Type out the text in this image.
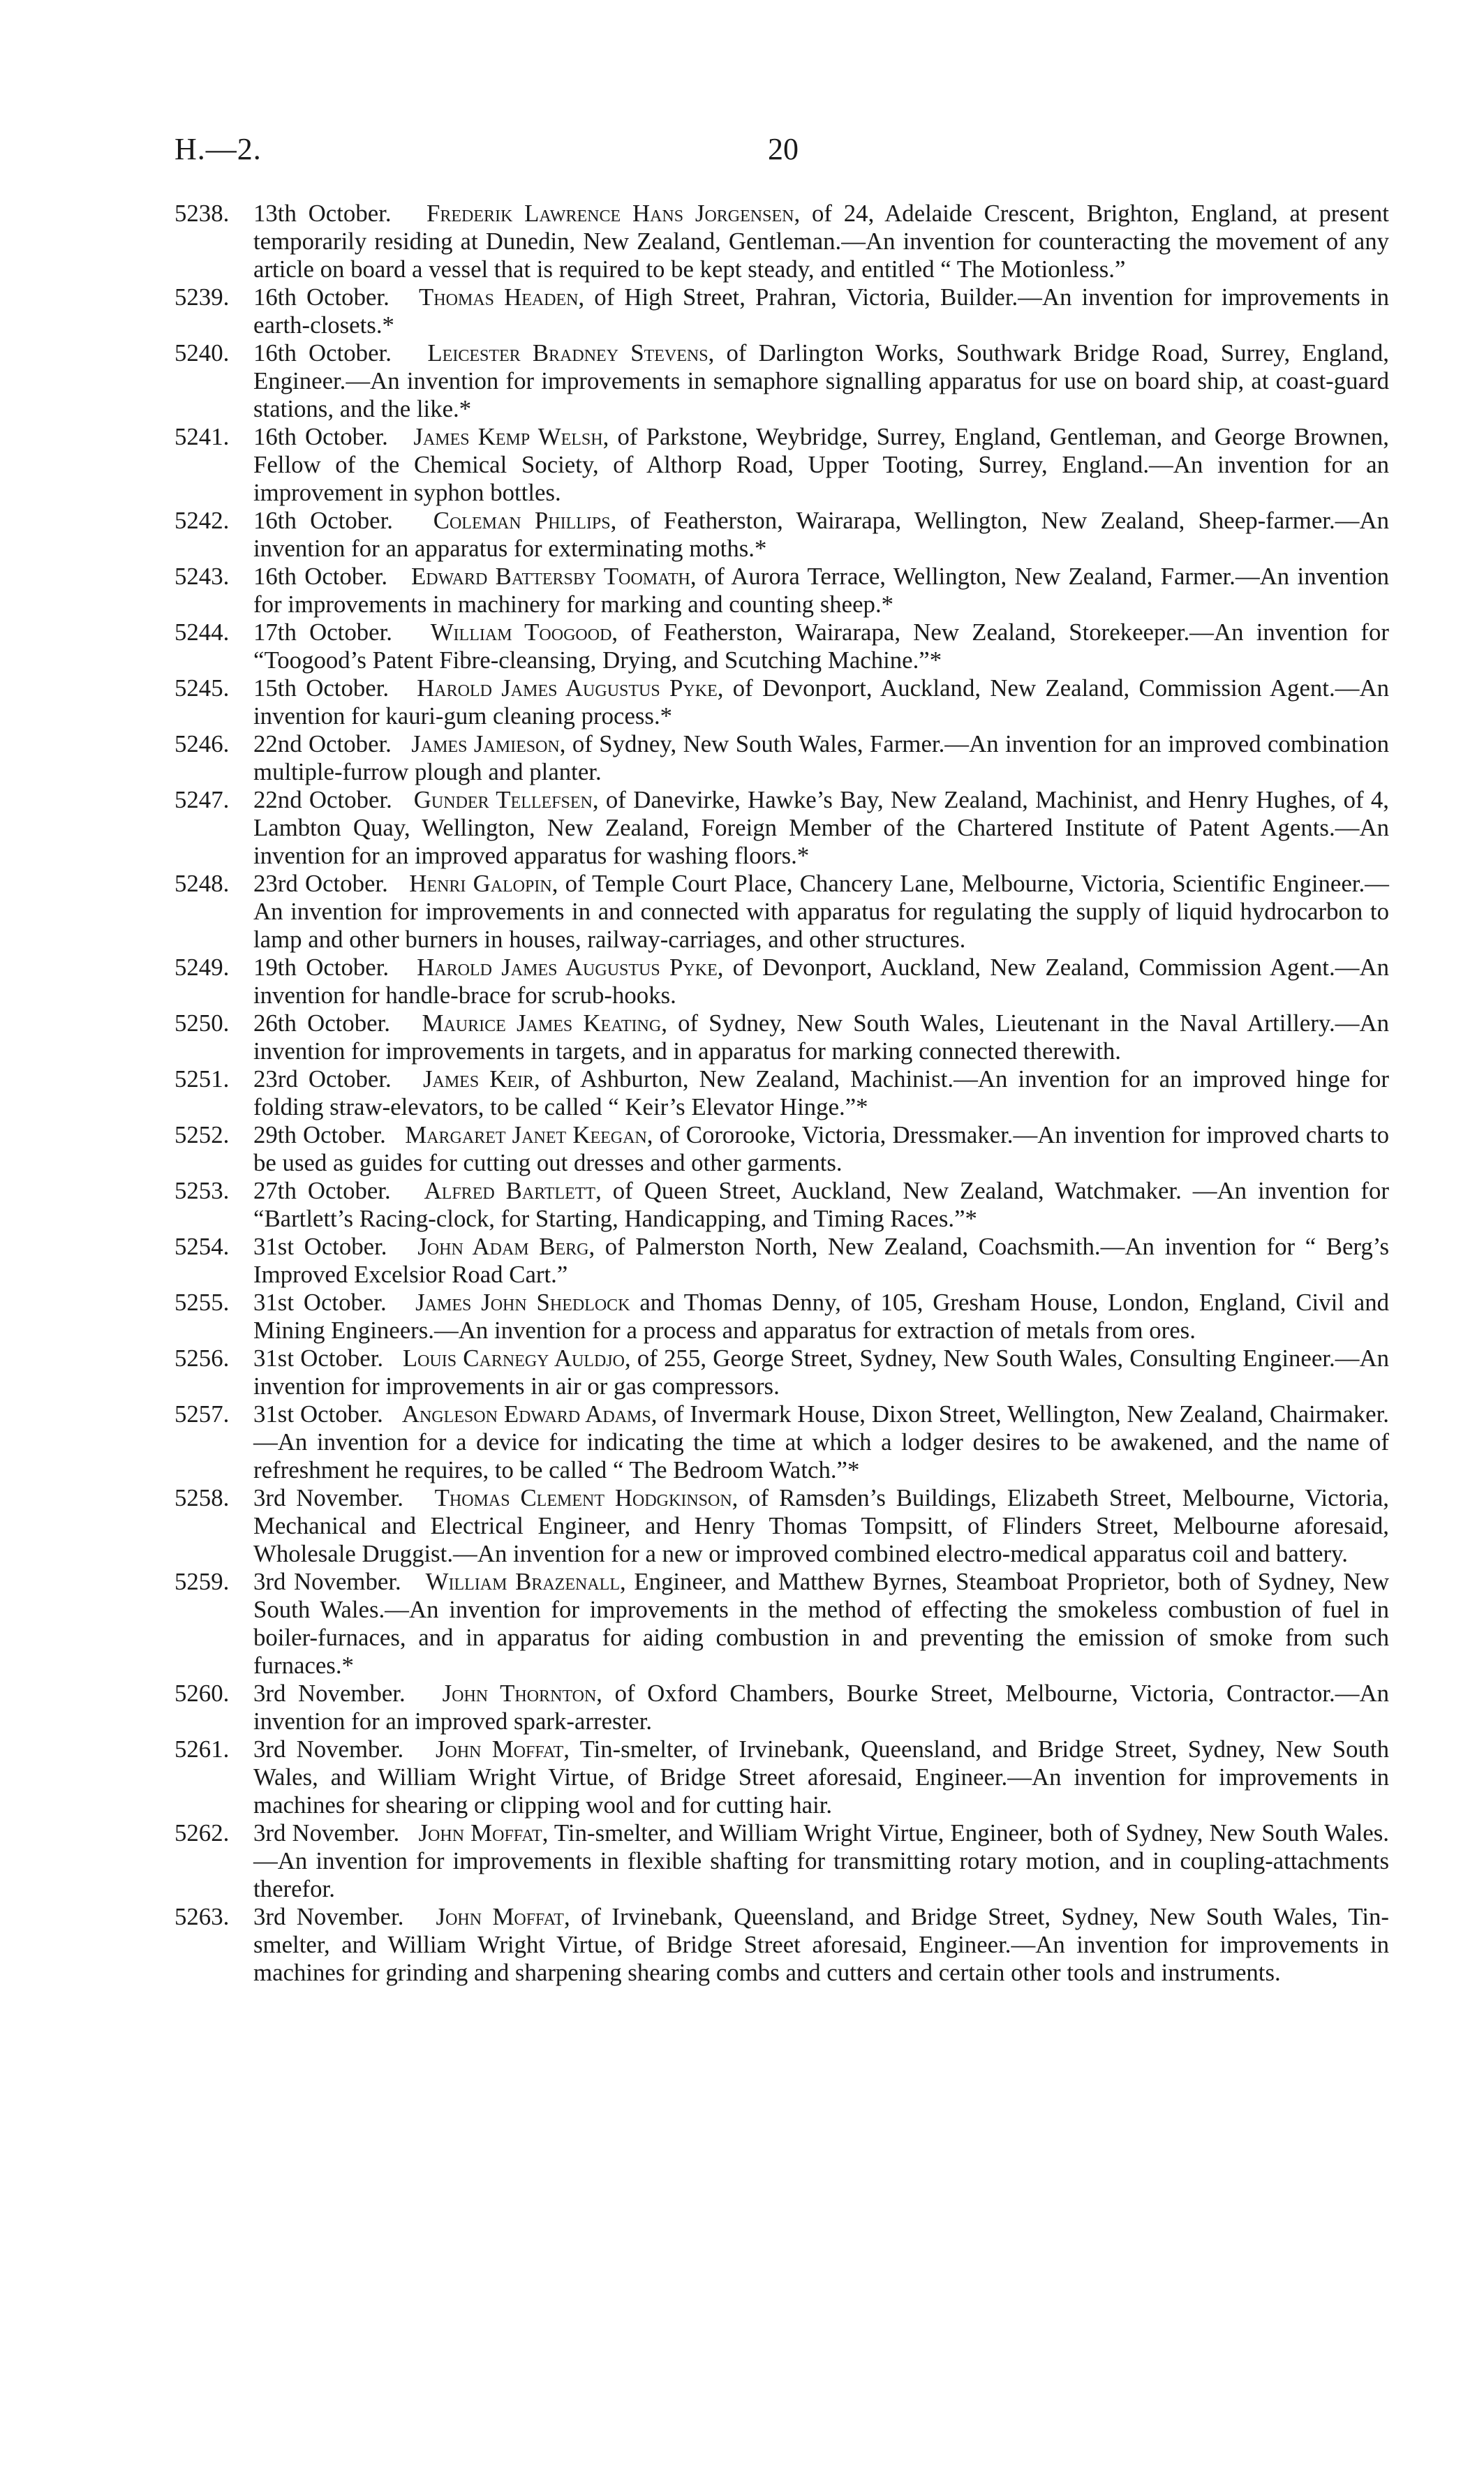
H.—2.	20

5238. 13th October. Frederik Lawrence Hans Jorgensen, of 24, Adelaide Crescent, Brighton, England, at present temporarily residing at Dunedin, New Zealand, Gentleman.—An invention for counteracting the movement of any article on board a vessel that is required to be kept steady, and entitled “ The Motionless.”

5239. 16th October. Thomas Headen, of High Street, Prahran, Victoria, Builder.—An invention for improvements in earth-closets.*

5240. 16th October. Leicester Bradney Stevens, of Darlington Works, Southwark Bridge Road, Surrey, England, Engineer.—An invention for improvements in semaphore signalling apparatus for use on board ship, at coast-guard stations, and the like.*

5241. 16th October. James Kemp Welsh, of Parkstone, Weybridge, Surrey, England, Gentleman, and George Brownen, Fellow of the Chemical Society, of Althorp Road, Upper Tooting, Surrey, England.—An invention for an improvement in syphon bottles.

5242. 16th October. Coleman Phillips, of Featherston, Wairarapa, Wellington, New Zealand, Sheep-farmer.—An invention for an apparatus for exterminating moths.*

5243. 16th October. Edward Battersby Toomath, of Aurora Terrace, Wellington, New Zealand, Farmer.—An invention for improvements in machinery for marking and counting sheep.*

5244. 17th October. William Toogood, of Featherston, Wairarapa, New Zealand, Storekeeper.—An invention for “Toogood’s Patent Fibre-cleansing, Drying, and Scutching Machine.”*

5245. 15th October. Harold James Augustus Pyke, of Devonport, Auckland, New Zealand, Commission Agent.—An invention for kauri-gum cleaning process.*

5246. 22nd October. James Jamieson, of Sydney, New South Wales, Farmer.—An invention for an improved combination multiple-furrow plough and planter.

5247. 22nd October. Gunder Tellefsen, of Danevirke, Hawke’s Bay, New Zealand, Machinist, and Henry Hughes, of 4, Lambton Quay, Wellington, New Zealand, Foreign Member of the Chartered Institute of Patent Agents.—An invention for an improved apparatus for washing floors.*

5248. 23rd October. Henri Galopin, of Temple Court Place, Chancery Lane, Melbourne, Victoria, Scientific Engineer.—An invention for improvements in and connected with apparatus for regulating the supply of liquid hydrocarbon to lamp and other burners in houses, railway-carriages, and other structures.

5249. 19th October. Harold James Augustus Pyke, of Devonport, Auckland, New Zealand, Commission Agent.—An invention for handle-brace for scrub-hooks.

5250. 26th October. Maurice James Keating, of Sydney, New South Wales, Lieutenant in the Naval Artillery.—An invention for improvements in targets, and in apparatus for marking connected therewith.

5251. 23rd October. James Keir, of Ashburton, New Zealand, Machinist.—An invention for an improved hinge for folding straw-elevators, to be called “ Keir’s Elevator Hinge.”*

5252. 29th October. Margaret Janet Keegan, of Cororooke, Victoria, Dressmaker.—An invention for improved charts to be used as guides for cutting out dresses and other garments.

5253. 27th October. Alfred Bartlett, of Queen Street, Auckland, New Zealand, Watchmaker. —An invention for “Bartlett’s Racing-clock, for Starting, Handicapping, and Timing Races.”*

5254. 31st October. John Adam Berg, of Palmerston North, New Zealand, Coachsmith.—An invention for “ Berg’s Improved Excelsior Road Cart.”

5255. 31st October. James John Shedlock and Thomas Denny, of 105, Gresham House, London, England, Civil and Mining Engineers.—An invention for a process and apparatus for extraction of metals from ores.

5256. 31st October. Louis Carnegy Auldjo, of 255, George Street, Sydney, New South Wales, Consulting Engineer.—An invention for improvements in air or gas compressors.

5257. 31st October. Angleson Edward Adams, of Invermark House, Dixon Street, Wellington, New Zealand, Chairmaker.—An invention for a device for indicating the time at which a lodger desires to be awakened, and the name of refreshment he requires, to be called “ The Bedroom Watch.”*

5258. 3rd November. Thomas Clement Hodgkinson, of Ramsden’s Buildings, Elizabeth Street, Melbourne, Victoria, Mechanical and Electrical Engineer, and Henry Thomas Tompsitt, of Flinders Street, Melbourne aforesaid, Wholesale Druggist.—An invention for a new or improved combined electro-medical apparatus coil and battery.

5259. 3rd November. William Brazenall, Engineer, and Matthew Byrnes, Steamboat Proprietor, both of Sydney, New South Wales.—An invention for improvements in the method of effecting the smokeless combustion of fuel in boiler-furnaces, and in apparatus for aiding combustion in and preventing the emission of smoke from such furnaces.*

5260. 3rd November. John Thornton, of Oxford Chambers, Bourke Street, Melbourne, Victoria, Contractor.—An invention for an improved spark-arrester.

5261. 3rd November. John Moffat, Tin-smelter, of Irvinebank, Queensland, and Bridge Street, Sydney, New South Wales, and William Wright Virtue, of Bridge Street aforesaid, Engineer.—An invention for improvements in machines for shearing or clipping wool and for cutting hair.

5262. 3rd November. John Moffat, Tin-smelter, and William Wright Virtue, Engineer, both of Sydney, New South Wales.—An invention for improvements in flexible shafting for transmitting rotary motion, and in coupling-attachments therefor.

5263. 3rd November. John Moffat, of Irvinebank, Queensland, and Bridge Street, Sydney, New South Wales, Tin-smelter, and William Wright Virtue, of Bridge Street aforesaid, Engineer.—An invention for improvements in machines for grinding and sharpening shearing combs and cutters and certain other tools and instruments.
